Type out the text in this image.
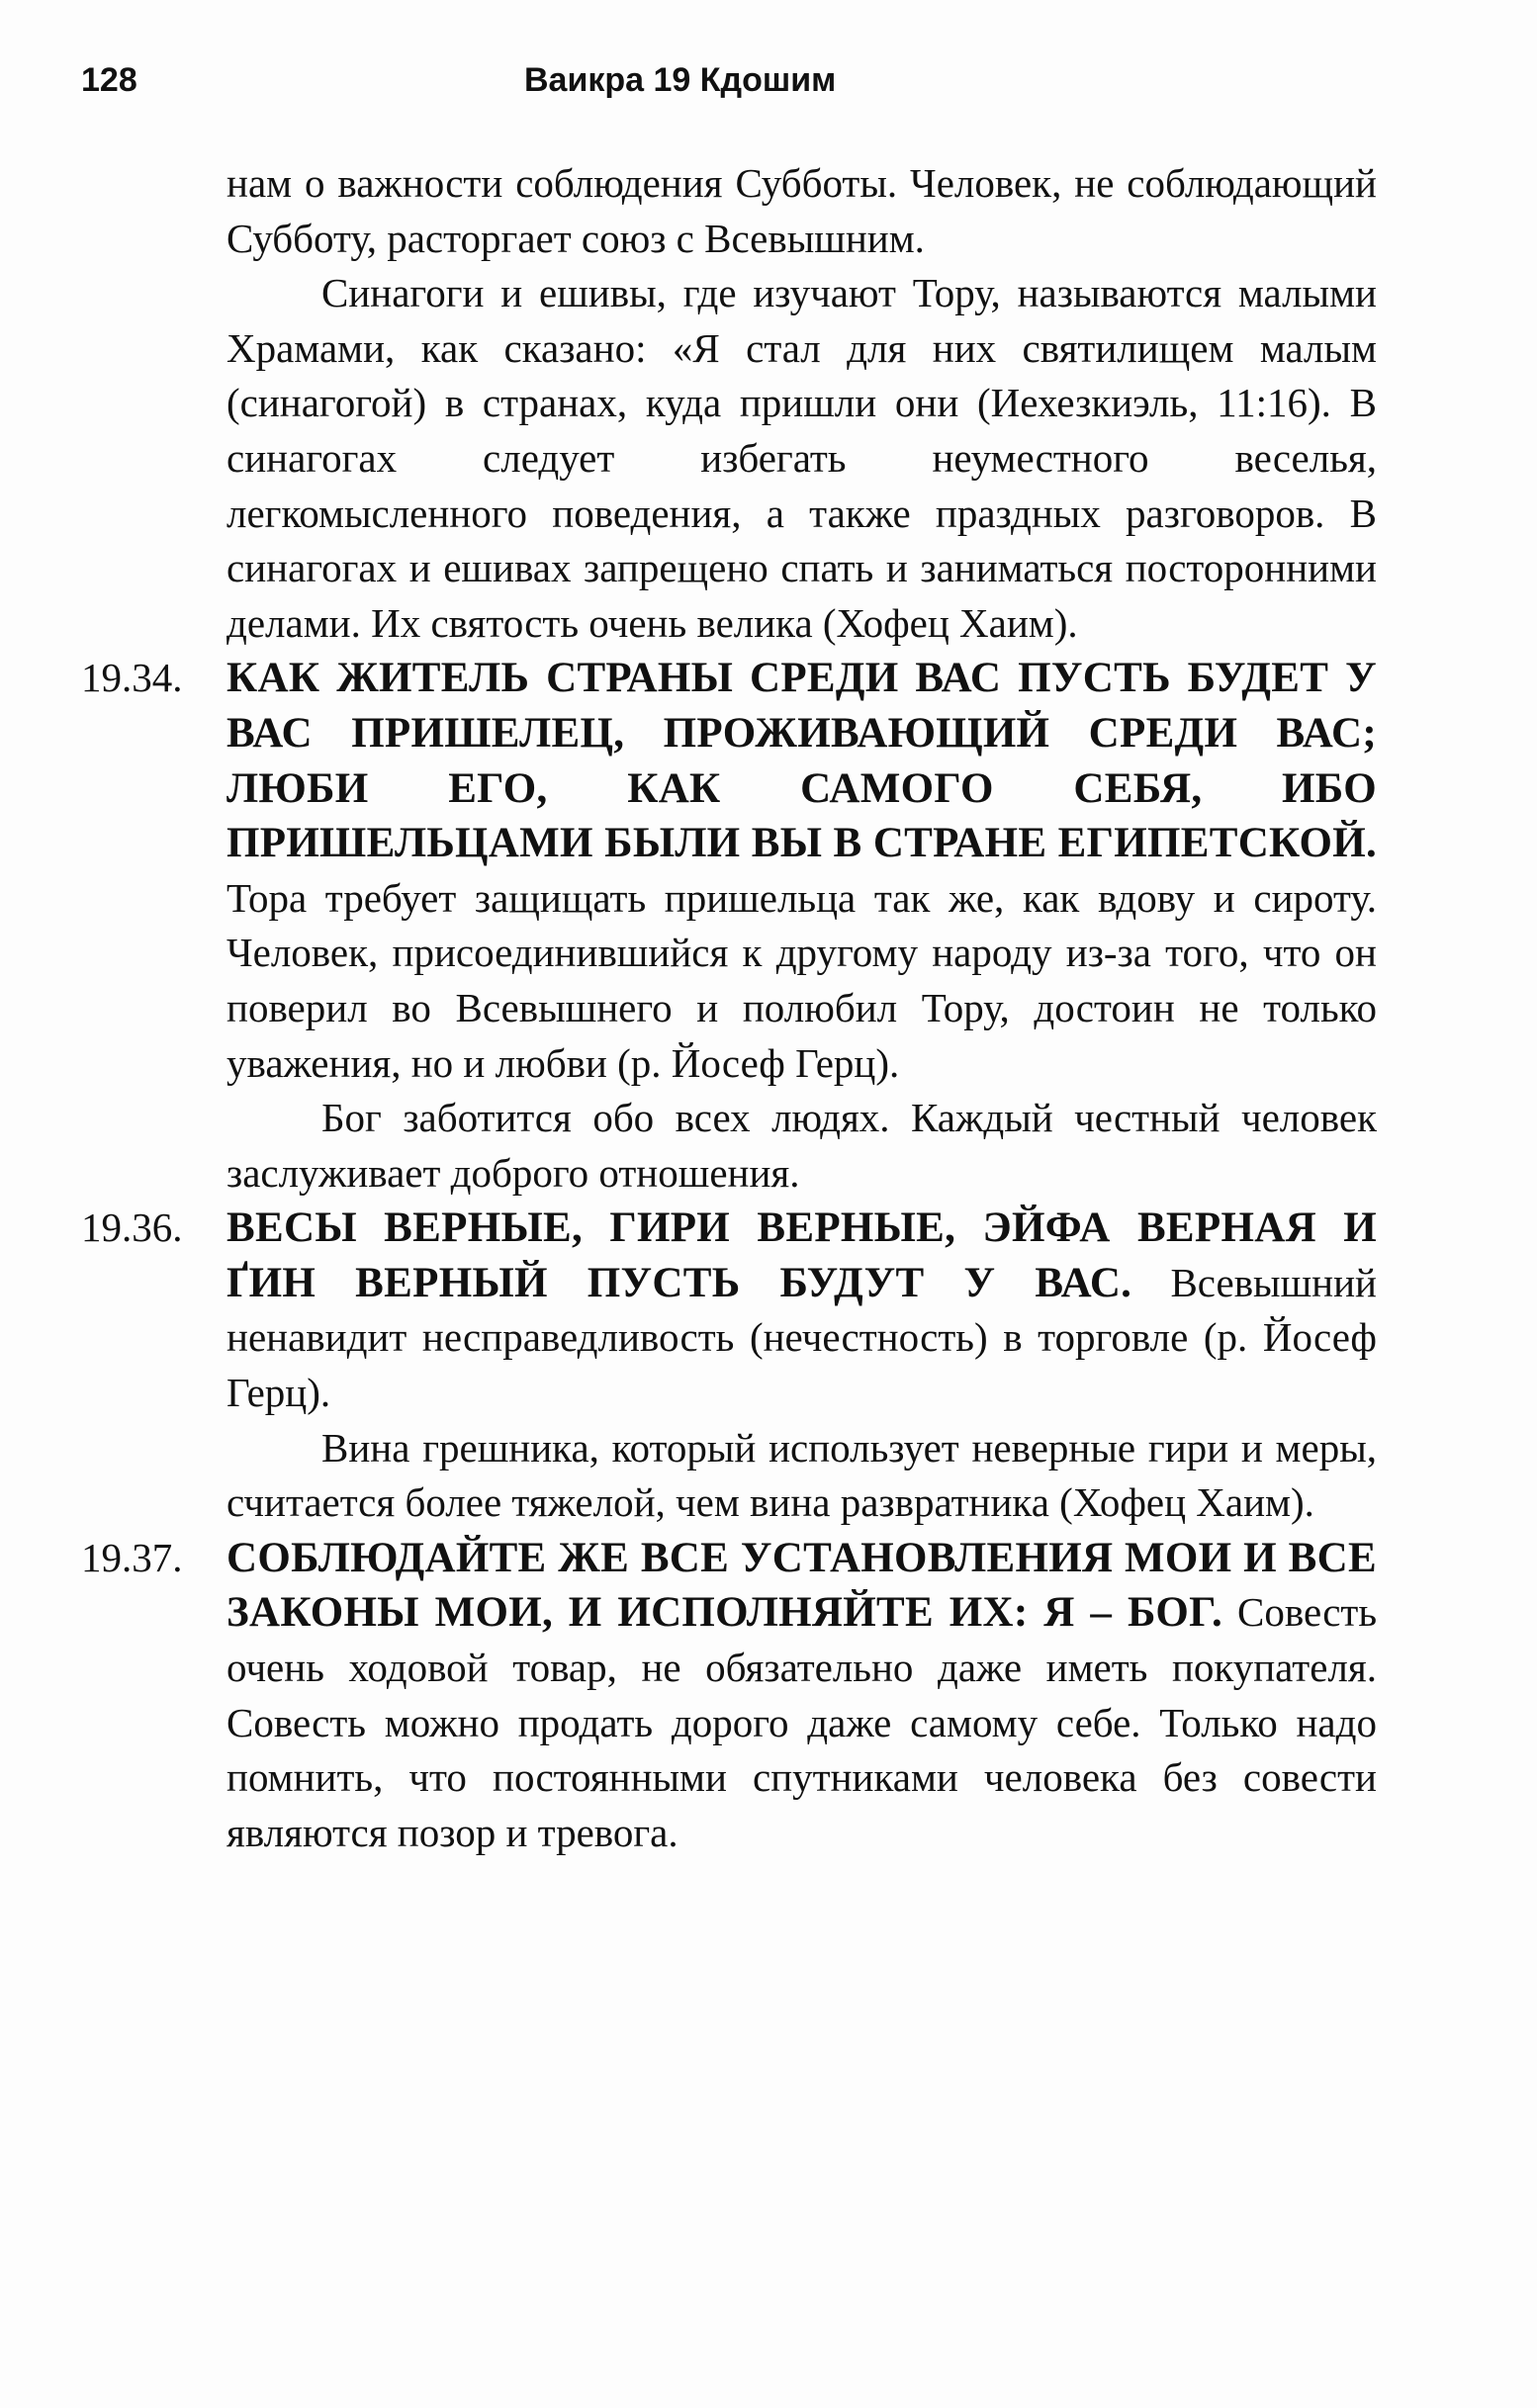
128	Ваикра 19 Кдошим

нам о важности соблюдения Субботы. Человек, не соблюдающий Субботу, расторгает союз с Всевышним.

Синагоги и ешивы, где изучают Тору, называются малыми Храмами, как сказано: «Я стал для них святилищем малым (синагогой) в странах, куда пришли они (Иехезкиэль, 11:16). В синагогах следует избегать неуместного веселья, легкомысленного поведения, а также праздных разговоров. В синагогах и ешивах запрещено спать и заниматься посторонними делами. Их святость очень велика (Хофец Хаим).

19.34.	КАК ЖИТЕЛЬ СТРАНЫ СРЕДИ ВАС ПУСТЬ БУДЕТ У ВАС ПРИШЕЛЕЦ, ПРОЖИВАЮЩИЙ СРЕДИ ВАС; ЛЮБИ ЕГО, КАК САМОГО СЕБЯ, ИБО ПРИШЕЛЬЦАМИ БЫЛИ ВЫ В СТРАНЕ ЕГИПЕТСКОЙ. Тора требует защищать пришельца так же, как вдову и сироту. Человек, присоединившийся к другому народу из-за того, что он поверил во Всевышнего и полюбил Тору, достоин не только уважения, но и любви (р. Йосеф Герц).

Бог заботится обо всех людях. Каждый честный человек заслуживает доброго отношения.

19.36.	ВЕСЫ ВЕРНЫЕ, ГИРИ ВЕРНЫЕ, ЭЙФА ВЕРНАЯ И ҐИН ВЕРНЫЙ ПУСТЬ БУДУТ У ВАС. Всевышний ненавидит несправедливость (нечестность) в торговле (р. Йосеф Герц).

Вина грешника, который использует неверные гири и меры, считается более тяжелой, чем вина развратника (Хофец Хаим).

19.37.	СОБЛЮДАЙТЕ ЖЕ ВСЕ УСТАНОВЛЕНИЯ МОИ И ВСЕ ЗАКОНЫ МОИ, И ИСПОЛНЯЙТЕ ИХ: Я – БОГ. Совесть очень ходовой товар, не обязательно даже иметь покупателя. Совесть можно продать дорого даже самому себе. Только надо помнить, что постоянными спутниками человека без совести являются позор и тревога.
